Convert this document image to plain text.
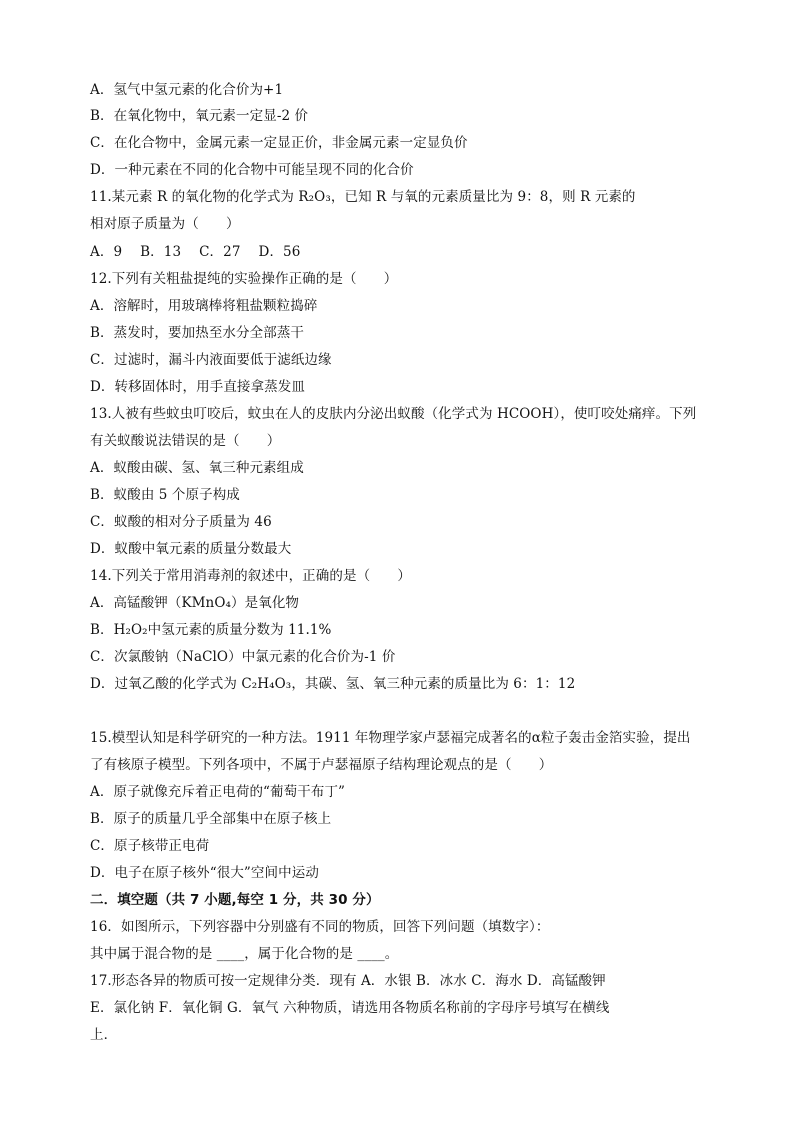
A．氢气中氢元素的化合价为+1
B．在氧化物中，氧元素一定显-2 价
C．在化合物中，金属元素一定显正价，非金属元素一定显负价
D．一种元素在不同的化合物中可能呈现不同的化合价
11.某元素 R 的氧化物的化学式为 R₂O₃，已知 R 与氧的元素质量比为 9：8，则 R 元素的
相对原子质量为（　　）
A．9　 B．13　 C．27　 D．56
12.下列有关粗盐提纯的实验操作正确的是（　　）
A．溶解时，用玻璃棒将粗盐颗粒捣碎
B．蒸发时，要加热至水分全部蒸干
C．过滤时，漏斗内液面要低于滤纸边缘
D．转移固体时，用手直接拿蒸发皿
13.人被有些蚊虫叮咬后，蚊虫在人的皮肤内分泌出蚁酸（化学式为 HCOOH），使叮咬处痛痒。下列
有关蚁酸说法错误的是（　　）
A．蚁酸由碳、氢、氧三种元素组成
B．蚁酸由 5 个原子构成
C．蚁酸的相对分子质量为 46
D．蚁酸中氧元素的质量分数最大
14.下列关于常用消毒剂的叙述中，正确的是（　　）
A．高锰酸钾（KMnO₄）是氧化物
B．H₂O₂中氢元素的质量分数为 11.1%
C．次氯酸钠（NaClO）中氯元素的化合价为-1 价
D．过氧乙酸的化学式为 C₂H₄O₃，其碳、氢、氧三种元素的质量比为 6：1：12
15.模型认知是科学研究的一种方法。1911 年物理学家卢瑟福完成著名的α粒子轰击金箔实验，提出
了有核原子模型。下列各项中，不属于卢瑟福原子结构理论观点的是（　　）
A．原子就像充斥着正电荷的“葡萄干布丁”
B．原子的质量几乎全部集中在原子核上
C．原子核带正电荷
D．电子在原子核外“很大”空间中运动
二．填空题（共 7 小题,每空 1 分，共 30 分）
16．如图所示，下列容器中分别盛有不同的物质，回答下列问题（填数字）：
其中属于混合物的是 ____，属于化合物的是 ____。
17.形态各异的物质可按一定规律分类．现有 A．水银 B．冰水 C．海水 D．高锰酸钾
E．氯化钠 F．氧化铜 G．氧气 六种物质，请选用各物质名称前的字母序号填写在横线
上．
